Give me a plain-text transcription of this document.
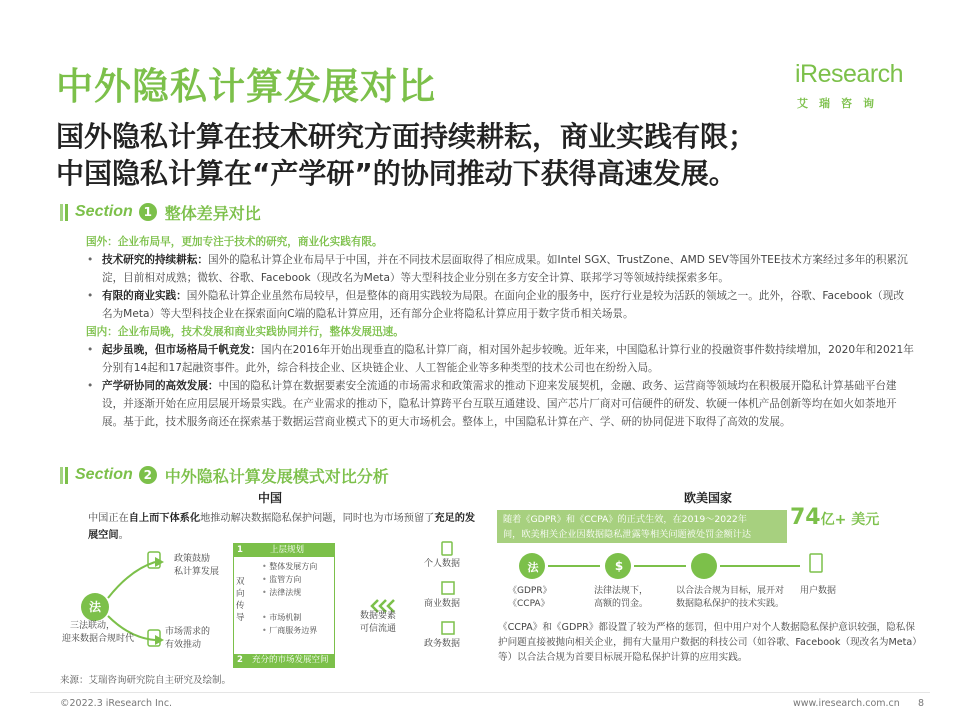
中外隐私计算发展对比	iResearch
艾瑞咨询
国外隐私计算在技术研究方面持续耕耘，商业实践有限；
中国隐私计算在“产学研”的协同推动下获得高速发展。
Section 1 整体差异对比
国外：企业布局早，更加专注于技术的研究，商业化实践有限。
• 技术研究的持续耕耘：国外的隐私计算企业布局早于中国，并在不同技术层面取得了相应成果。如Intel SGX、TrustZone、AMD SEV等国外TEE技术方案经过多年的积累沉淀，目前相对成熟；微软、谷歌、Facebook（现改名为Meta）等大型科技企业分别在多方安全计算、联邦学习等领域持续探索多年。
• 有限的商业实践：国外隐私计算企业虽然布局较早，但是整体的商用实践较为局限。在面向企业的服务中，医疗行业是较为活跃的领域之一。此外，谷歌、Facebook（现改名为Meta）等大型科技企业在探索面向C端的隐私计算应用，还有部分企业将隐私计算应用于数字货币相关场景。
国内：企业布局晚，技术发展和商业实践协同并行，整体发展迅速。
• 起步虽晚，但市场格局千帆竞发：国内在2016年开始出现垂直的隐私计算厂商，相对国外起步较晚。近年来，中国隐私计算行业的投融资事件数持续增加，2020年和2021年分别有14起和17起融资事件。此外，综合科技企业、区块链企业、人工智能企业等多种类型的技术公司也在纷纷入局。
• 产学研协同的高效发展：中国的隐私计算在数据要素安全流通的市场需求和政策需求的推动下迎来发展契机，金融、政务、运营商等领域均在积极展开隐私计算基础平台建设，并逐渐开始在应用层展开场景实践。在产业需求的推动下，隐私计算跨平台互联互通建设、国产芯片厂商对可信硬件的研发、软硬一体机产品创新等均在如火如荼地开展。基于此，技术服务商还在探索基于数据运营商业模式下的更大市场机会。整体上，中国隐私计算在产、学、研的协同促进下取得了高效的发展。
Section 2 中外隐私计算发展模式对比分析
中国
中国正在自上而下体系化地推动解决数据隐私保护问题，同时也为市场预留了充足的发展空间。
法
政策鼓励
私计算发展
三法联动，
迎来数据合规时代
市场需求的
有效推动
1	上层规划
双
向
传
导
• 整体发展方向
• 监管方向
• 法律法规
• 市场机制
• 厂商服务边界
2 充分的市场发展空间
数据要素
可信流通
个人数据
商业数据
政务数据
欧美国家
随着《GDPR》和《CCPA》的正式生效，在2019～2022年
间，欧美相关企业因数据隐私泄露等相关问题被处罚金额计达
74亿+ 美元
法	$
《GDPR》
《CCPA》
法律法规下，
高额的罚金。
以合法合规为目标，展开对
数据隐私保护的技术实践。
用户数据
《CCPA》和《GDPR》都设置了较为严格的惩罚，但中用户对个人数据隐私保护意识较强，隐私保护问题直接被抛向相关企业，拥有大量用户数据的科技公司（如谷歌、Facebook（现改名为Meta）等）以合法合规为首要目标展开隐私保护计算的应用实践。
来源：艾瑞咨询研究院自主研究及绘制。
©2022.3 iResearch Inc.	www.iresearch.com.cn 8
